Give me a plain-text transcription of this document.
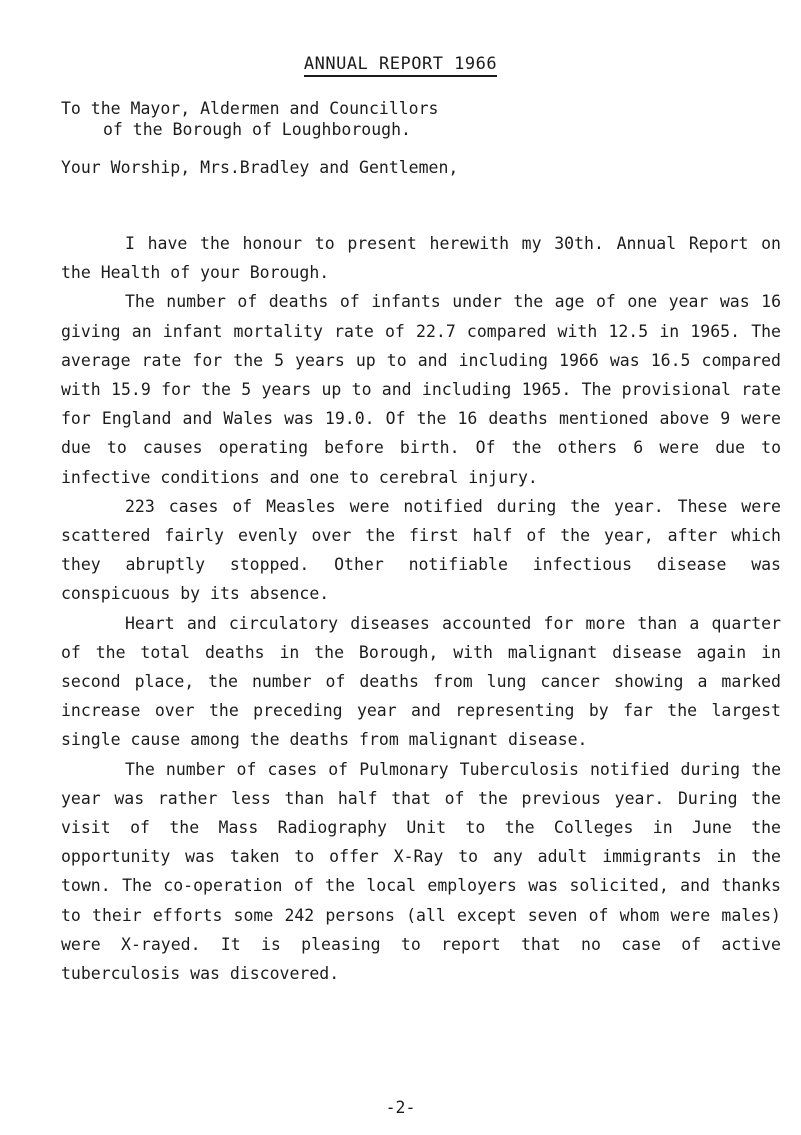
ANNUAL REPORT 1966
To the Mayor, Aldermen and Councillors
of the Borough of Loughborough.
Your Worship, Mrs.Bradley and Gentlemen,

I have the honour to present herewith my 30th. Annual Report on the Health of your Borough.

The number of deaths of infants under the age of one year was 16 giving an infant mortality rate of 22.7 compared with 12.5 in 1965. The average rate for the 5 years up to and including 1966 was 16.5 compared with 15.9 for the 5 years up to and including 1965. The provisional rate for England and Wales was 19.0. Of the 16 deaths mentioned above 9 were due to causes operating before birth. Of the others 6 were due to infective conditions and one to cerebral injury.

223 cases of Measles were notified during the year. These were scattered fairly evenly over the first half of the year, after which they abruptly stopped. Other notifiable infectious disease was conspicuous by its absence.

Heart and circulatory diseases accounted for more than a quarter of the total deaths in the Borough, with malignant disease again in second place, the number of deaths from lung cancer showing a marked increase over the preceding year and representing by far the largest single cause among the deaths from malignant disease.

The number of cases of Pulmonary Tuberculosis notified during the year was rather less than half that of the previous year. During the visit of the Mass Radiography Unit to the Colleges in June the opportunity was taken to offer X-Ray to any adult immigrants in the town. The co-operation of the local employers was solicited, and thanks to their efforts some 242 persons (all except seven of whom were males) were X-rayed. It is pleasing to report that no case of active tuberculosis was discovered.

-2-
